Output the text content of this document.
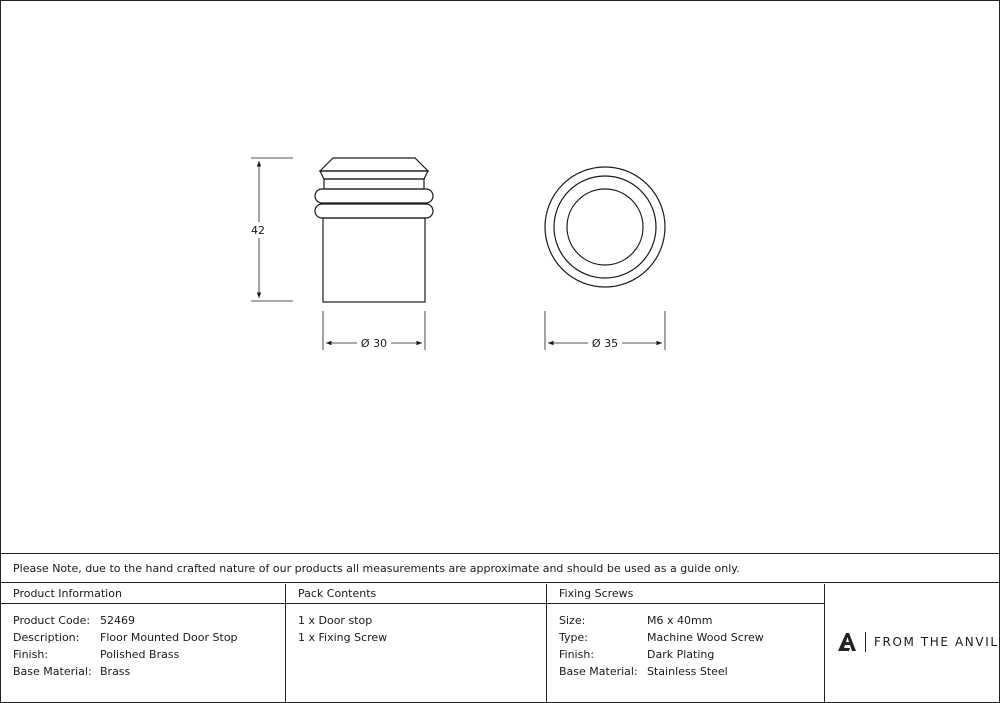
42
Ø 30	Ø 35
Please Note, due to the hand crafted nature of our products all measurements are approximate and should be used as a guide only.
Product Information
Product Code: 52469
Description: Floor Mounted Door Stop
Finish:	Polished Brass
Base Material: Brass
Pack Contents
1 x Door stop
1 x Fixing Screw
Fixing Screws
Size:	M6 x 40mm
Type:	Machine Wood Screw
Finish:	Dark Plating
Base Material: Stainless Steel
FROM THE ANVIL
